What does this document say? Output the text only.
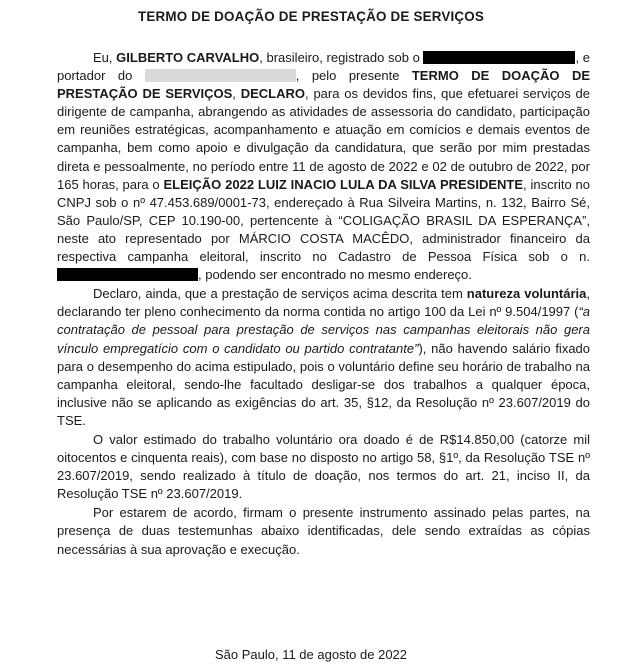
TERMO DE DOAÇÃO DE PRESTAÇÃO DE SERVIÇOS

Eu, GILBERTO CARVALHO, brasileiro, registrado sob o	, e portador do	, pelo presente TERMO DE DOAÇÃO DE PRESTAÇÃO DE SERVIÇOS, DECLARO, para os devidos fins, que efetuarei serviços de dirigente de campanha, abrangendo as atividades de assessoria do candidato, participação em reuniões estratégicas, acompanhamento e atuação em comícios e demais eventos de campanha, bem como apoio e divulgação da candidatura, que serão por mim prestadas direta e pessoalmente, no período entre 11 de agosto de 2022 e 02 de outubro de 2022, por 165 horas, para o ELEIÇÃO 2022 LUIZ INACIO LULA DA SILVA PRESIDENTE, inscrito no CNPJ sob o nº 47.453.689/0001-73, endereçado à Rua Silveira Martins, n. 132, Bairro Sé, São Paulo/SP, CEP 10.190-00, pertencente à “COLIGAÇÃO BRASIL DA ESPERANÇA”, neste ato representado por MÁRCIO COSTA MACÊDO, administrador financeiro da respectiva campanha eleitoral, inscrito no Cadastro de Pessoa Física sob o n. , podendo ser encontrado no mesmo endereço.

Declaro, ainda, que a prestação de serviços acima descrita tem natureza voluntária, declarando ter pleno conhecimento da norma contida no artigo 100 da Lei nº 9.504/1997 (“a contratação de pessoal para prestação de serviços nas campanhas eleitorais não gera vínculo empregatício com o candidato ou partido contratante”), não havendo salário fixado para o desempenho do acima estipulado, pois o voluntário define seu horário de trabalho na campanha eleitoral, sendo-lhe facultado desligar-se dos trabalhos a qualquer época, inclusive não se aplicando as exigências do art. 35, §12, da Resolução nº 23.607/2019 do TSE.

O valor estimado do trabalho voluntário ora doado é de R$14.850,00 (catorze mil oitocentos e cinquenta reais), com base no disposto no artigo 58, §1º, da Resolução TSE nº 23.607/2019, sendo realizado à título de doação, nos termos do art. 21, inciso II, da Resolução TSE nº 23.607/2019.

Por estarem de acordo, firmam o presente instrumento assinado pelas partes, na presença de duas testemunhas abaixo identificadas, dele sendo extraídas as cópias necessárias à sua aprovação e execução.

São Paulo, 11 de agosto de 2022
